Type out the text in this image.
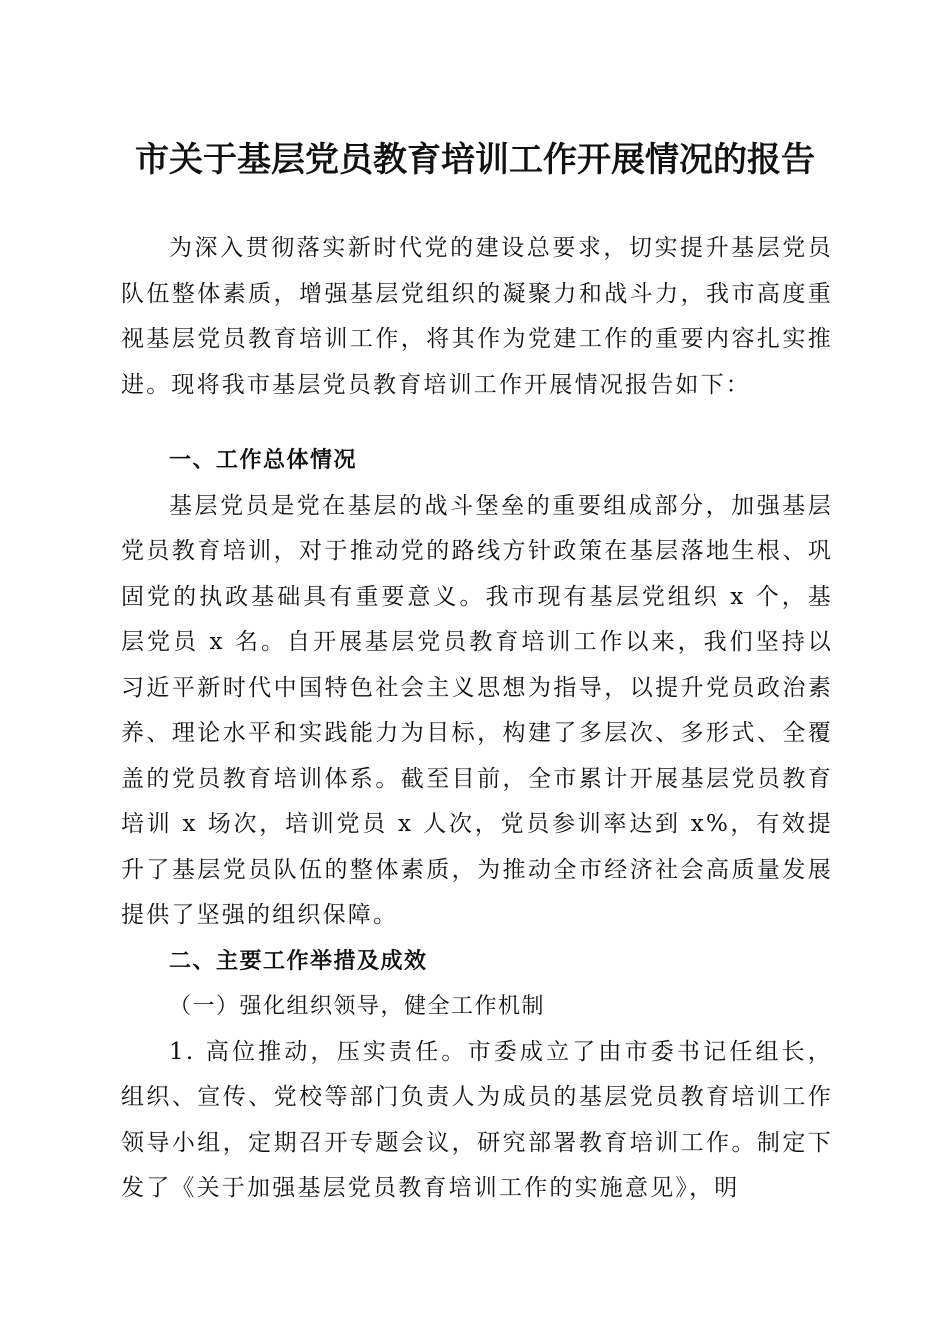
市关于基层党员教育培训工作开展情况的报告

为深入贯彻落实新时代党的建设总要求，切实提升基层党员队伍整体素质，增强基层党组织的凝聚力和战斗力，我市高度重视基层党员教育培训工作，将其作为党建工作的重要内容扎实推进。现将我市基层党员教育培训工作开展情况报告如下：

一、工作总体情况

基层党员是党在基层的战斗堡垒的重要组成部分，加强基层党员教育培训，对于推动党的路线方针政策在基层落地生根、巩固党的执政基础具有重要意义。我市现有基层党组织 x 个，基层党员 x 名。自开展基层党员教育培训工作以来，我们坚持以习近平新时代中国特色社会主义思想为指导，以提升党员政治素养、理论水平和实践能力为目标，构建了多层次、多形式、全覆盖的党员教育培训体系。截至目前，全市累计开展基层党员教育培训 x 场次，培训党员 x 人次，党员参训率达到 x%，有效提升了基层党员队伍的整体素质，为推动全市经济社会高质量发展提供了坚强的组织保障。

二、主要工作举措及成效
（一）强化组织领导，健全工作机制

1. 高位推动，压实责任。市委成立了由市委书记任组长，组织、宣传、党校等部门负责人为成员的基层党员教育培训工作领导小组，定期召开专题会议，研究部署教育培训工作。制定下发了《关于加强基层党员教育培训工作的实施意见》，明
